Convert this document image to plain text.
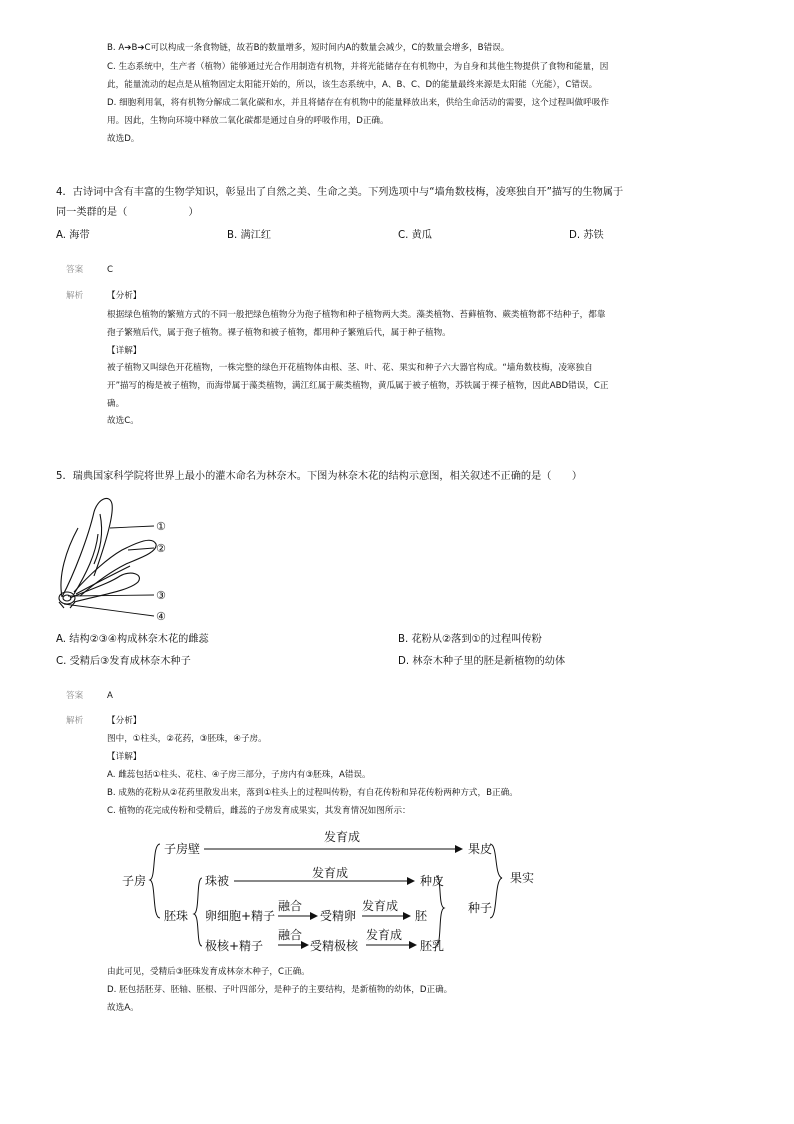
B. A➔B➔C可以构成一条食物链，故若B的数量增多，短时间内A的数量会减少，C的数量会增多，B错误。
C. 生态系统中，生产者（植物）能够通过光合作用制造有机物，并将光能储存在有机物中，为自身和其他生物提供了食物和能量，因
此，能量流动的起点是从植物固定太阳能开始的，所以，该生态系统中，A、B、C、D的能量最终来源是太阳能（光能），C错误。
D. 细胞利用氧，将有机物分解成二氧化碳和水，并且将储存在有机物中的能量释放出来，供给生命活动的需要，这个过程叫做呼吸作
用。因此，生物向环境中释放二氧化碳都是通过自身的呼吸作用，D正确。
故选D。
4．古诗词中含有丰富的生物学知识，彰显出了自然之美、生命之美。下列选项中与“墙角数枝梅，凌寒独自开”描写的生物属于
同一类群的是（　　　　　　）
A. 海带	B. 满江红	C. 黄瓜	D. 苏铁
答案	C
解析	【分析】
根据绿色植物的繁殖方式的不同一般把绿色植物分为孢子植物和种子植物两大类。藻类植物、苔藓植物、蕨类植物都不结种子，都靠
孢子繁殖后代，属于孢子植物。裸子植物和被子植物，都用种子繁殖后代，属于种子植物。
【详解】
被子植物又叫绿色开花植物，一株完整的绿色开花植物体由根、茎、叶、花、果实和种子六大器官构成。“墙角数枝梅，凌寒独自
开”描写的梅是被子植物，而海带属于藻类植物，满江红属于蕨类植物，黄瓜属于被子植物，苏铁属于裸子植物，因此ABD错误，C正
确。
故选C。
5．瑞典国家科学院将世界上最小的灌木命名为林奈木。下图为林奈木花的结构示意图，相关叙述不正确的是（　　）
①
②
③
④
A. 结构②③④构成林奈木花的雌蕊	B. 花粉从②落到①的过程叫传粉
C. 受精后③发育成林奈木种子	D. 林奈木种子里的胚是新植物的幼体
答案	A
解析	【分析】
图中，①柱头，②花药，③胚珠，④子房。
【详解】
A. 雌蕊包括①柱头、花柱、④子房三部分，子房内有③胚珠，A错误。
B. 成熟的花粉从②花药里散发出来，落到①柱头上的过程叫传粉，有自花传粉和异花传粉两种方式，B正确。
C. 植物的花完成传粉和受精后，雌蕊的子房发育成果实，其发育情况如图所示：
子房
子房壁
发育成
果皮
珠被
发育成
种皮
胚珠 卵细胞+精子
融合
受精卵
发育成
胚
极核+精子
融合
受精极核
发育成
胚乳
种子
果实
由此可见，受精后③胚珠发育成林奈木种子，C正确。
D. 胚包括胚芽、胚轴、胚根、子叶四部分，是种子的主要结构，是新植物的幼体，D正确。
故选A。
